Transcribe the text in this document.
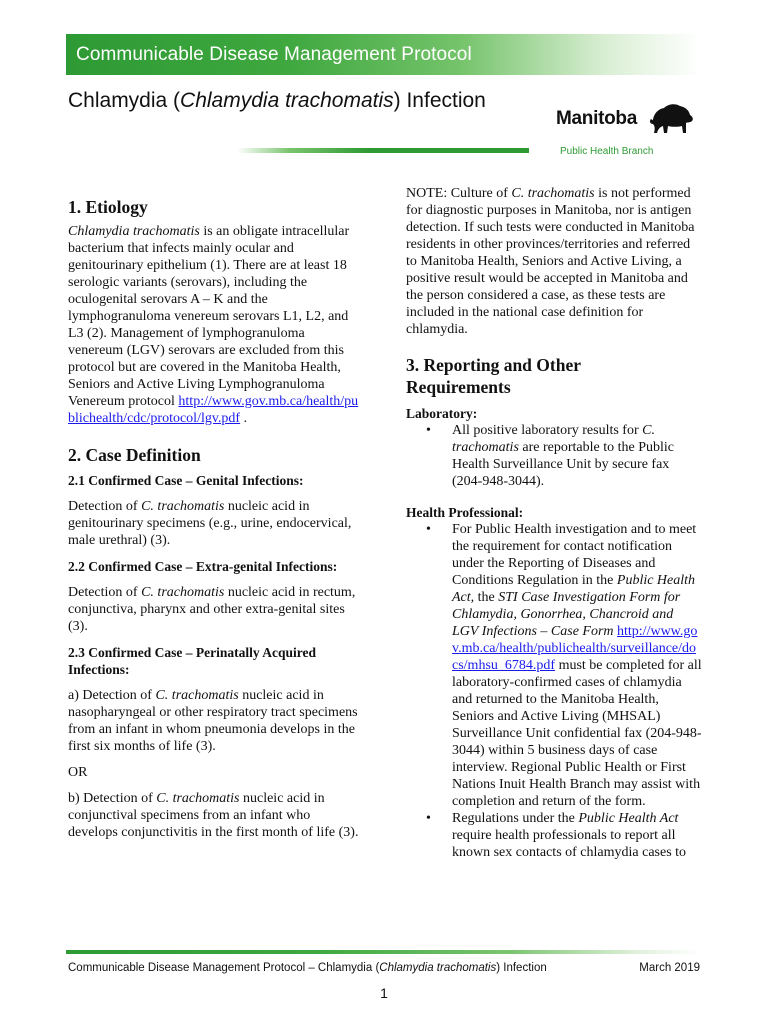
Communicable Disease Management Protocol
Chlamydia (Chlamydia trachomatis) Infection
Manitoba
Public Health Branch
1. Etiology

Chlamydia trachomatis is an obligate intracellular bacterium that infects mainly ocular and genitourinary epithelium (1). There are at least 18 serologic variants (serovars), including the oculogenital serovars A – K and the lymphogranuloma venereum serovars L1, L2, and L3 (2). Management of lymphogranuloma venereum (LGV) serovars are excluded from this protocol but are covered in the Manitoba Health, Seniors and Active Living Lymphogranuloma Venereum protocol http://www.gov.mb.ca/health/publichealth/cdc/protocol/lgv.pdf .

2. Case Definition
2.1 Confirmed Case – Genital Infections:

Detection of C. trachomatis nucleic acid in genitourinary specimens (e.g., urine, endocervical, male urethral) (3).

2.2 Confirmed Case – Extra-genital Infections:

Detection of C. trachomatis nucleic acid in rectum, conjunctiva, pharynx and other extra-genital sites (3).

2.3 Confirmed Case – Perinatally Acquired Infections:

a) Detection of C. trachomatis nucleic acid in nasopharyngeal or other respiratory tract specimens from an infant in whom pneumonia develops in the first six months of life (3).

OR

b) Detection of C. trachomatis nucleic acid in conjunctival specimens from an infant who develops conjunctivitis in the first month of life (3).

NOTE: Culture of C. trachomatis is not performed for diagnostic purposes in Manitoba, nor is antigen detection. If such tests were conducted in Manitoba residents in other provinces/territories and referred to Manitoba Health, Seniors and Active Living, a positive result would be accepted in Manitoba and the person considered a case, as these tests are included in the national case definition for chlamydia.

3. Reporting and Other Requirements
Laboratory:
• All positive laboratory results for C. trachomatis are reportable to the Public Health Surveillance Unit by secure fax (204-948-3044).
Health Professional:
• For Public Health investigation and to meet the requirement for contact notification under the Reporting of Diseases and Conditions Regulation in the Public Health Act, the STI Case Investigation Form for Chlamydia, Gonorrhea, Chancroid and LGV Infections – Case Form http://www.gov.mb.ca/health/publichealth/surveillance/docs/mhsu_6784.pdf must be completed for all laboratory-confirmed cases of chlamydia and returned to the Manitoba Health, Seniors and Active Living (MHSAL) Surveillance Unit confidential fax (204-948-3044) within 5 business days of case interview. Regional Public Health or First Nations Inuit Health Branch may assist with completion and return of the form.
• Regulations under the Public Health Act require health professionals to report all known sex contacts of chlamydia cases to
Communicable Disease Management Protocol – Chlamydia (Chlamydia trachomatis) Infection	March 2019
1
